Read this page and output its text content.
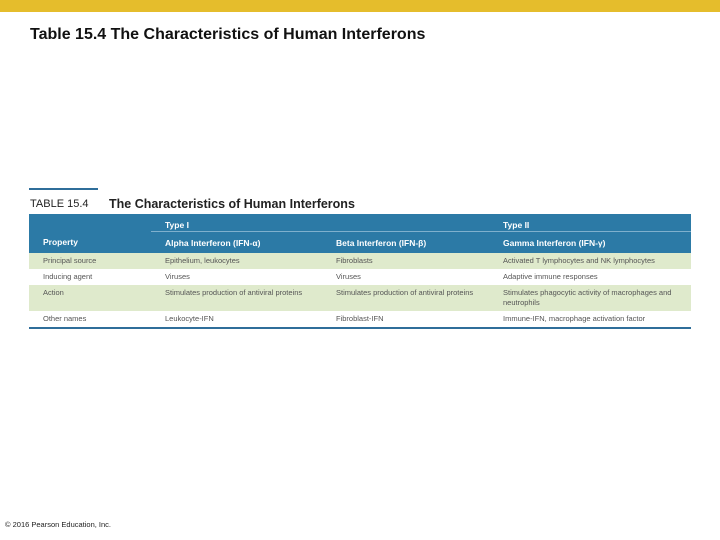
Table 15.4 The Characteristics of Human Interferons
TABLE 15.4 The Characteristics of Human Interferons
	Type I		Type II
Property	Alpha Interferon (IFN-α)	Beta Interferon (IFN-β)	Gamma Interferon (IFN-γ)
Principal source	Epithelium, leukocytes	Fibroblasts	Activated T lymphocytes and NK lymphocytes
Inducing agent	Viruses	Viruses	Adaptive immune responses
Action	Stimulates production of antiviral proteins	Stimulates production of antiviral proteins	Stimulates phagocytic activity of macrophages and neutrophils
Other names	Leukocyte-IFN	Fibroblast-IFN	Immune-IFN, macrophage activation factor
© 2016 Pearson Education, Inc.
